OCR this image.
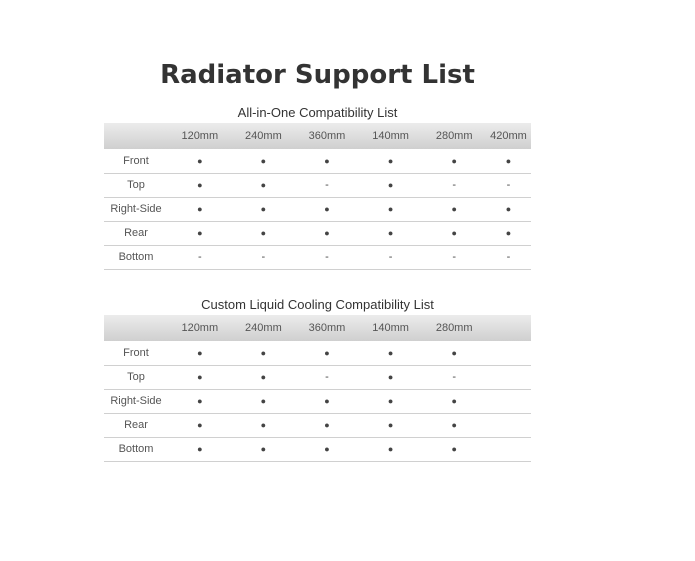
Radiator Support List
All-in-One Compatibility List
	120mm	240mm	360mm	140mm	280mm	420mm
Front	●	●	●	●	●	●
Top	●	●	-	●	-	-
Right-Side	●	●	●	●	●	●
Rear	●	●	●	●	●	●
Bottom	-	-	-	-	-	-
Custom Liquid Cooling Compatibility List
	120mm	240mm	360mm	140mm	280mm	
Front	●	●	●	●	●	
Top	●	●	-	●	-	
Right-Side	●	●	●	●	●	
Rear	●	●	●	●	●	
Bottom	●	●	●	●	●	
